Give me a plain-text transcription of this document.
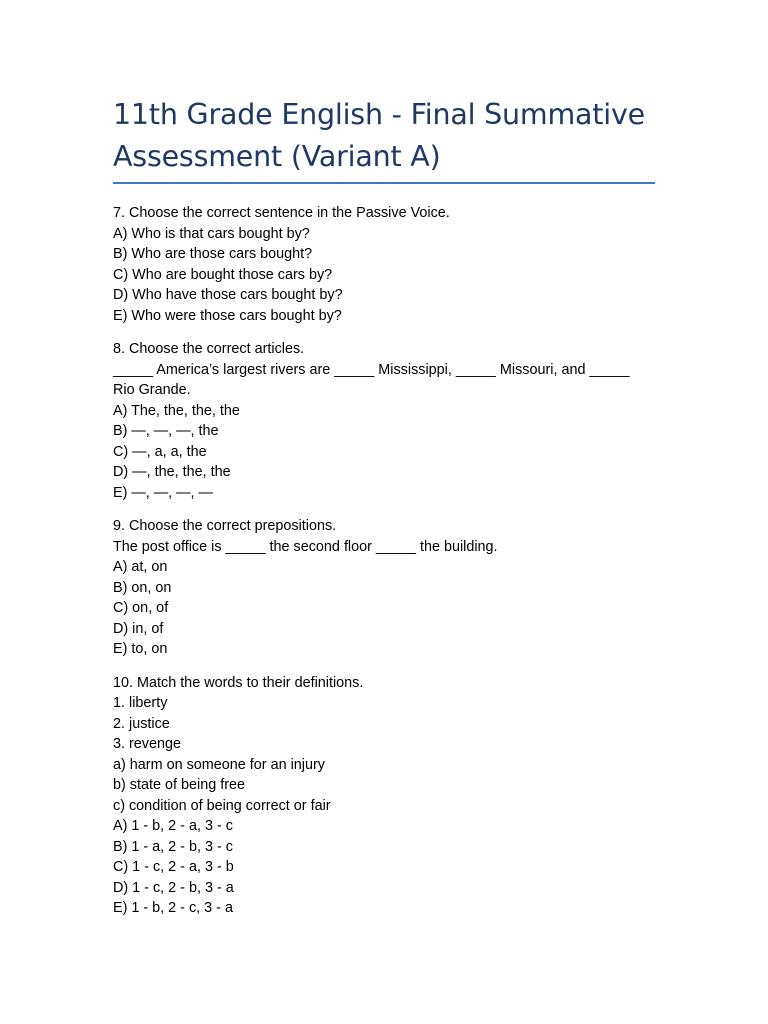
11th Grade English - Final Summative Assessment (Variant A)
7. Choose the correct sentence in the Passive Voice.
A) Who is that cars bought by?
B) Who are those cars bought?
C) Who are bought those cars by?
D) Who have those cars bought by?
E) Who were those cars bought by?
8. Choose the correct articles.
_____ America’s largest rivers are _____ Mississippi, _____ Missouri, and _____ Rio Grande.
A) The, the, the, the
B) —, —, —, the
C) —, a, a, the
D) —, the, the, the
E) —, —, —, —
9. Choose the correct prepositions.
The post office is _____ the second floor _____ the building.
A) at, on
B) on, on
C) on, of
D) in, of
E) to, on
10. Match the words to their definitions.
1. liberty
2. justice
3. revenge
a) harm on someone for an injury
b) state of being free
c) condition of being correct or fair
A) 1 - b, 2 - a, 3 - c
B) 1 - a, 2 - b, 3 - c
C) 1 - c, 2 - a, 3 - b
D) 1 - c, 2 - b, 3 - a
E) 1 - b, 2 - c, 3 - a
